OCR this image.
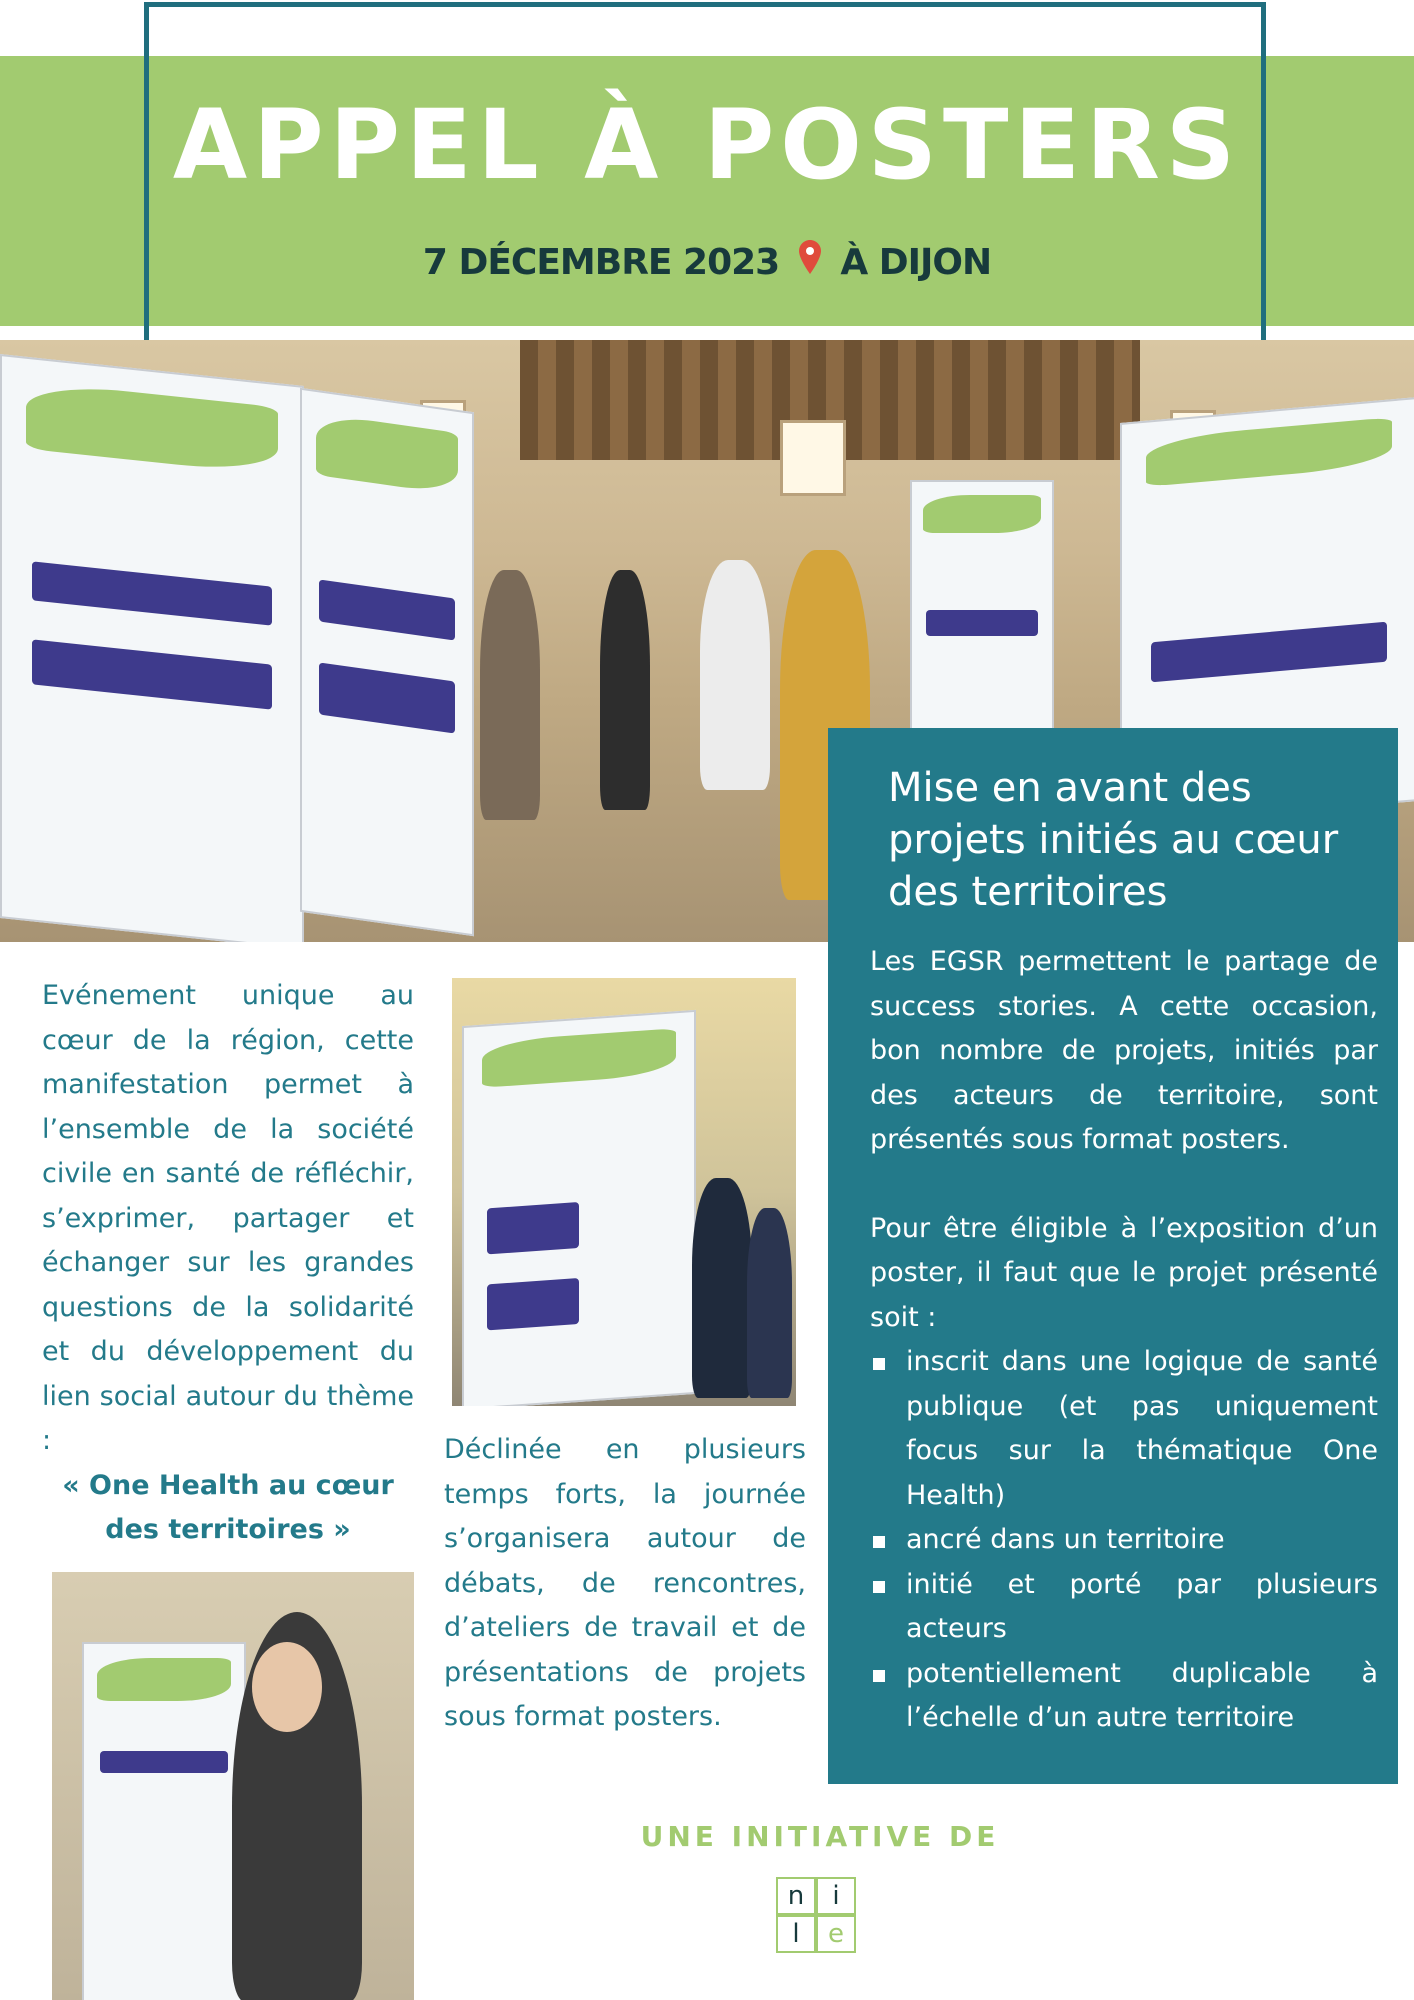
APPEL À POSTERS
7 DÉCEMBRE 2023 À DIJON
Mise en avant des projets initiés au cœur des territoires

Les EGSR permettent le partage de success stories. A cette occasion, bon nombre de projets, initiés par des acteurs de territoire, sont présentés sous format posters.

Pour être éligible à l’exposition d’un poster, il faut que le projet présenté soit :

inscrit dans une logique de santé publique (et pas uniquement focus sur la thématique One Health)
ancré dans un territoire
initié et porté par plusieurs acteurs
potentiellement duplicable à l’échelle d’un autre territoire
Evénement unique au cœur de la région, cette manifestation permet à l’ensemble de la société civile en santé de réfléchir, s’exprimer, partager et échanger sur les grandes questions de la solidarité et du développement du lien social autour du thème :
« One Health au cœur des territoires »
Déclinée en plusieurs temps forts, la journée s’organisera autour de débats, de rencontres, d’ateliers de travail et de présentations de projets sous format posters.
UNE INITIATIVE DE
n	i
l	e
